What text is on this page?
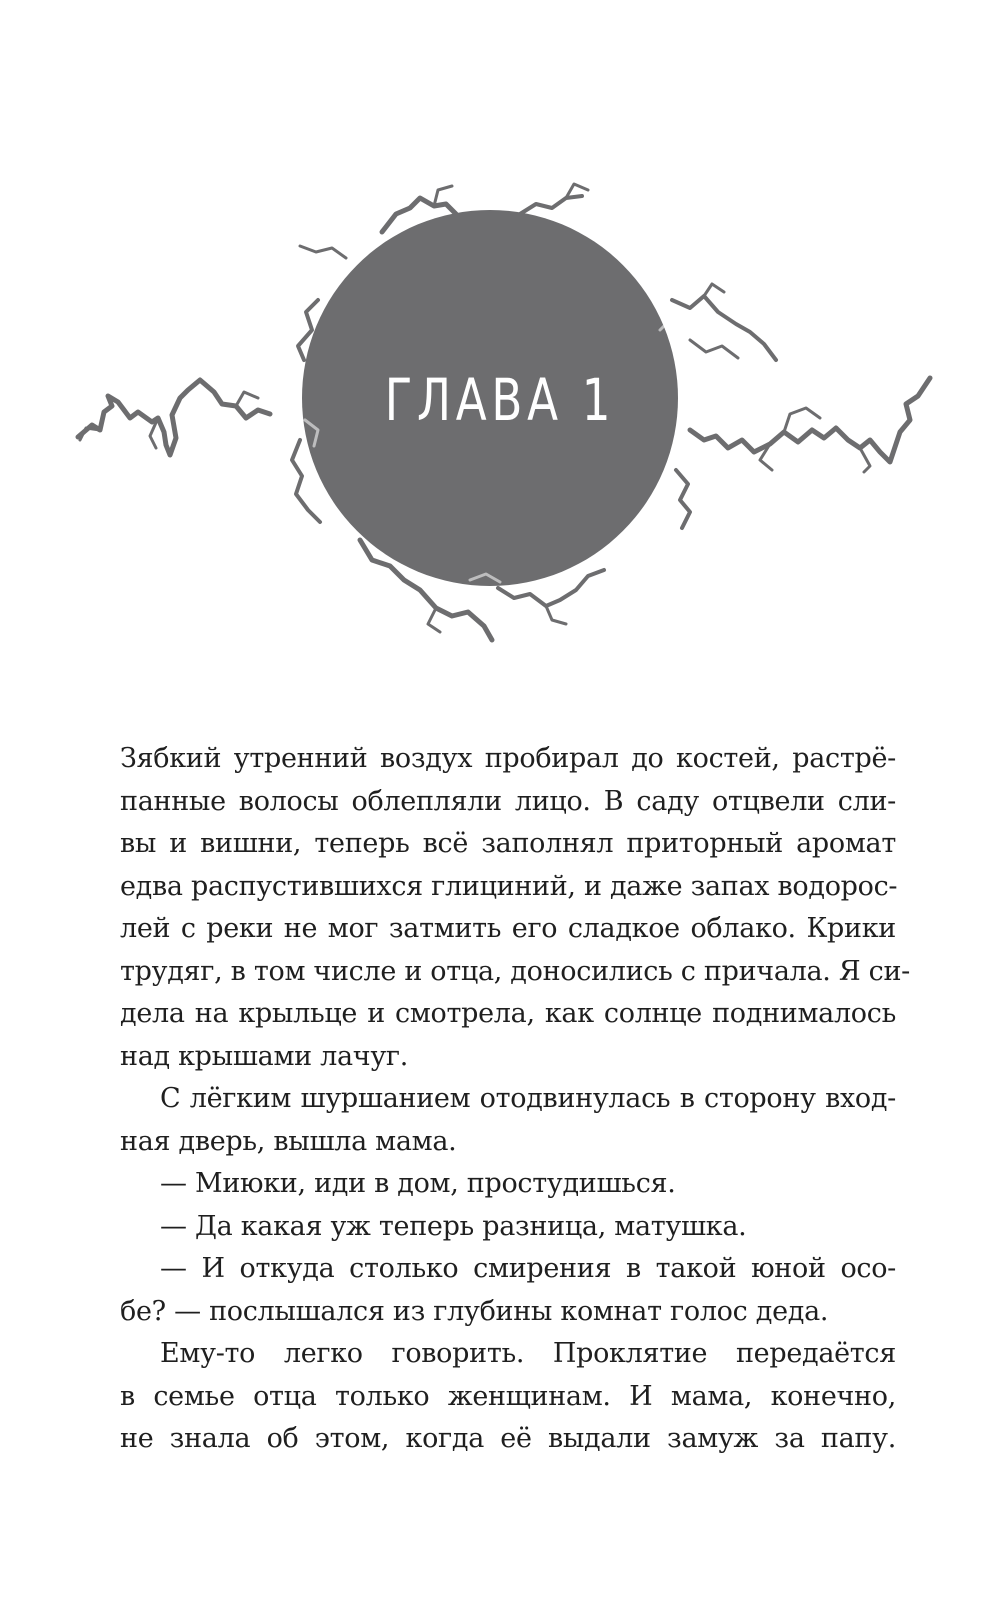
ГЛАВА 1

Зябкий утренний воздух пробирал до костей, растрё-
панные волосы облепляли лицо. В саду отцвели сли-
вы и вишни, теперь всё заполнял приторный аромат
едва распустившихся глициний, и даже запах водорос-
лей с реки не мог затмить его сладкое облако. Крики
трудяг, в том числе и отца, доносились с причала. Я си-
дела на крыльце и смотрела, как солнце поднималось
над крышами лачуг.

С лёгким шуршанием отодвинулась в сторону вход-
ная дверь, вышла мама.

— Миюки, иди в дом, простудишься.

— Да какая уж теперь разница, матушка.

— И откуда столько смирения в такой юной осо-
бе? — послышался из глубины комнат голос деда.

Ему-то легко говорить. Проклятие передаётся
в семье отца только женщинам. И мама, конечно,
не знала об этом, когда её выдали замуж за папу.
